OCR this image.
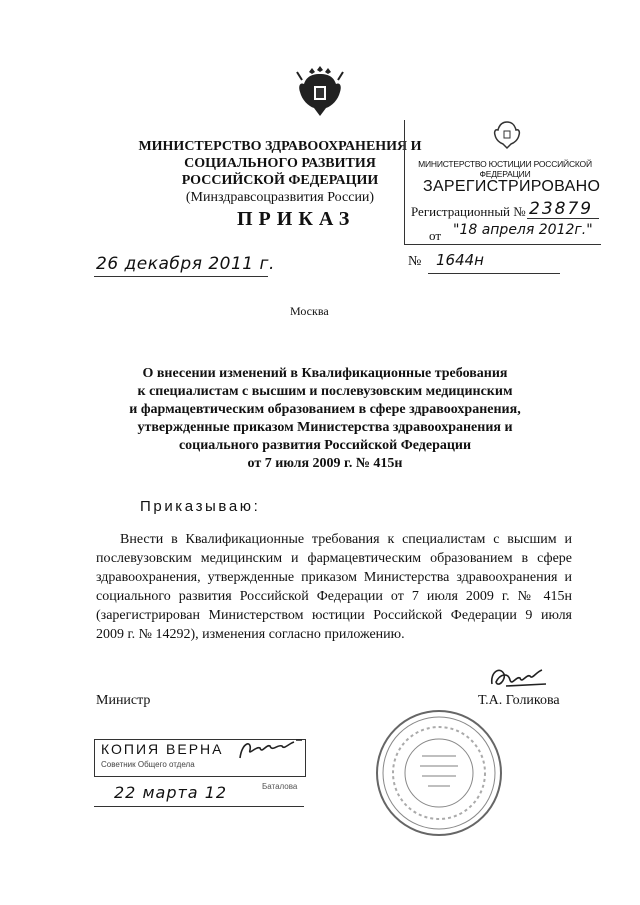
МИНИСТЕРСТВО ЗДРАВООХРАНЕНИЯ И СОЦИАЛЬНОГО РАЗВИТИЯ
РОССИЙСКОЙ ФЕДЕРАЦИИ
(Минздравсоцразвития России)
МИНИСТЕРСТВО ЮСТИЦИИ РОССИЙСКОЙ ФЕДЕРАЦИИ
ЗАРЕГИСТРИРОВАНО
Регистрационный № 23879
от "18 апреля 2012г."
ПРИКАЗ
26 декабря 2011 г.	№ 1644н
Москва
О внесении изменений в Квалификационные требования
к специалистам с высшим и послевузовским медицинским
и фармацевтическим образованием в сфере здравоохранения,
утвержденные приказом Министерства здравоохранения и
социального развития Российской Федерации
от 7 июля 2009 г. № 415н
Приказываю:
Внести в Квалификационные требования к специалистам с высшим и послевузовским медицинским и фармацевтическим образованием в сфере здравоохранения, утвержденные приказом Министерства здравоохранения и социального развития Российской Федерации от 7 июля 2009 г. № 415н (зарегистрирован Министерством юстиции Российской Федерации 9 июля 2009 г. № 14292), изменения согласно приложению.
Министр	Т.А. Голикова
КОПИЯ ВЕРНА
Советник Общего отдела
22 марта 12	Баталова
